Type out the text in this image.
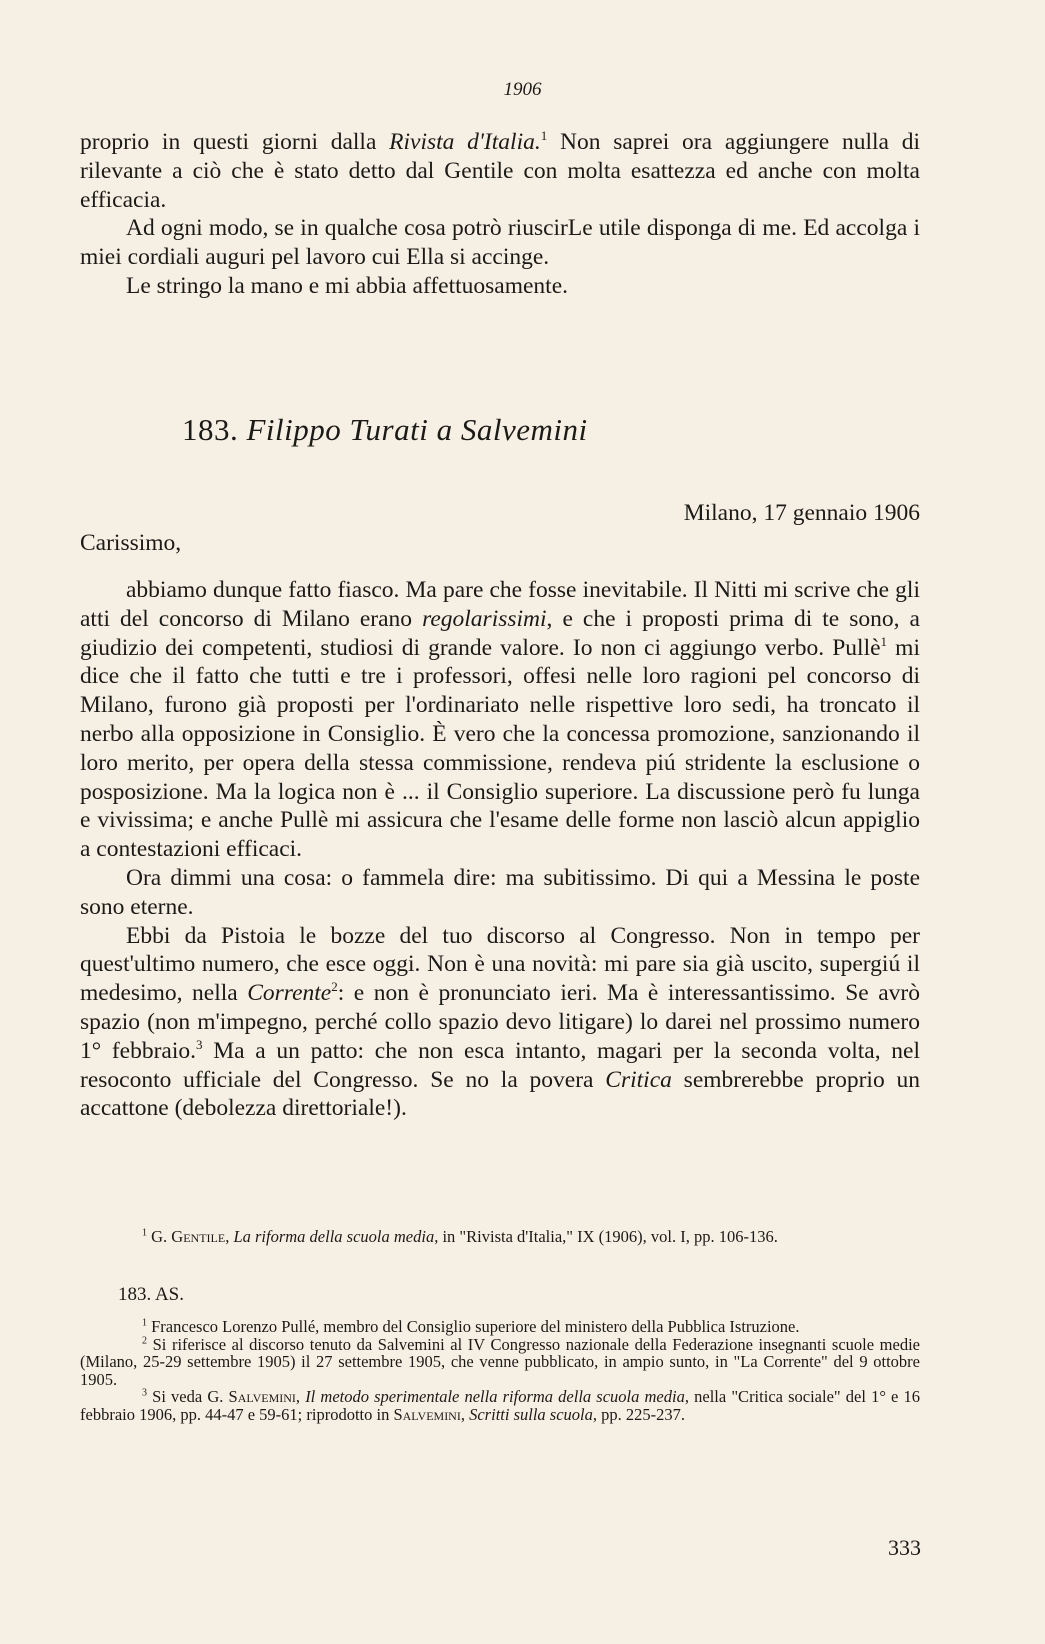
1906

proprio in questi giorni dalla Rivista d'Italia.$^1$ Non saprei ora aggiungere nulla di rilevante a ciò che è stato detto dal Gentile con molta esattezza ed anche con molta efficacia.

Ad ogni modo, se in qualche cosa potrò riuscirLe utile disponga di me. Ed accolga i miei cordiali auguri pel lavoro cui Ella si accinge.

Le stringo la mano e mi abbia affettuosamente.

183. Filippo Turati a Salvemini
Milano, 17 gennaio 1906
Carissimo,

abbiamo dunque fatto fiasco. Ma pare che fosse inevitabile. Il Nitti mi scrive che gli atti del concorso di Milano erano regolarissimi, e che i proposti prima di te sono, a giudizio dei competenti, studiosi di grande valore. Io non ci aggiungo verbo. Pullè$^1$ mi dice che il fatto che tutti e tre i professori, offesi nelle loro ragioni pel concorso di Milano, furono già proposti per l'ordinariato nelle rispettive loro sedi, ha troncato il nerbo alla opposizione in Consiglio. È vero che la concessa promozione, sanzionando il loro merito, per opera della stessa commissione, rendeva piú stridente la esclusione o posposizione. Ma la logica non è ... il Consiglio superiore. La discussione però fu lunga e vivissima; e anche Pullè mi assicura che l'esame delle forme non lasciò alcun appiglio a contestazioni efficaci.

Ora dimmi una cosa: o fammela dire: ma subitissimo. Di qui a Messina le poste sono eterne.

Ebbi da Pistoia le bozze del tuo discorso al Congresso. Non in tempo per quest'ultimo numero, che esce oggi. Non è una novità: mi pare sia già uscito, supergiú il medesimo, nella Corrente$^2$: e non è pronunciato ieri. Ma è interessantissimo. Se avrò spazio (non m'impegno, perché collo spazio devo litigare) lo darei nel prossimo numero 1° febbraio.$^3$ Ma a un patto: che non esca intanto, magari per la seconda volta, nel resoconto ufficiale del Congresso. Se no la povera Critica sembrerebbe proprio un accattone (debolezza direttoriale!).

$^1$ G. Gentile, La riforma della scuola media, in "Rivista d'Italia," IX (1906), vol. I, pp. 106-136.

183. AS.

$^1$ Francesco Lorenzo Pullé, membro del Consiglio superiore del ministero della Pubblica Istruzione.

$^2$ Si riferisce al discorso tenuto da Salvemini al IV Congresso nazionale della Federazione insegnanti scuole medie (Milano, 25-29 settembre 1905) il 27 settembre 1905, che venne pubblicato, in ampio sunto, in "La Corrente" del 9 ottobre 1905.

$^3$ Si veda G. Salvemini, Il metodo sperimentale nella riforma della scuola media, nella "Critica sociale" del 1° e 16 febbraio 1906, pp. 44-47 e 59-61; riprodotto in Salvemini, Scritti sulla scuola, pp. 225-237.

333
